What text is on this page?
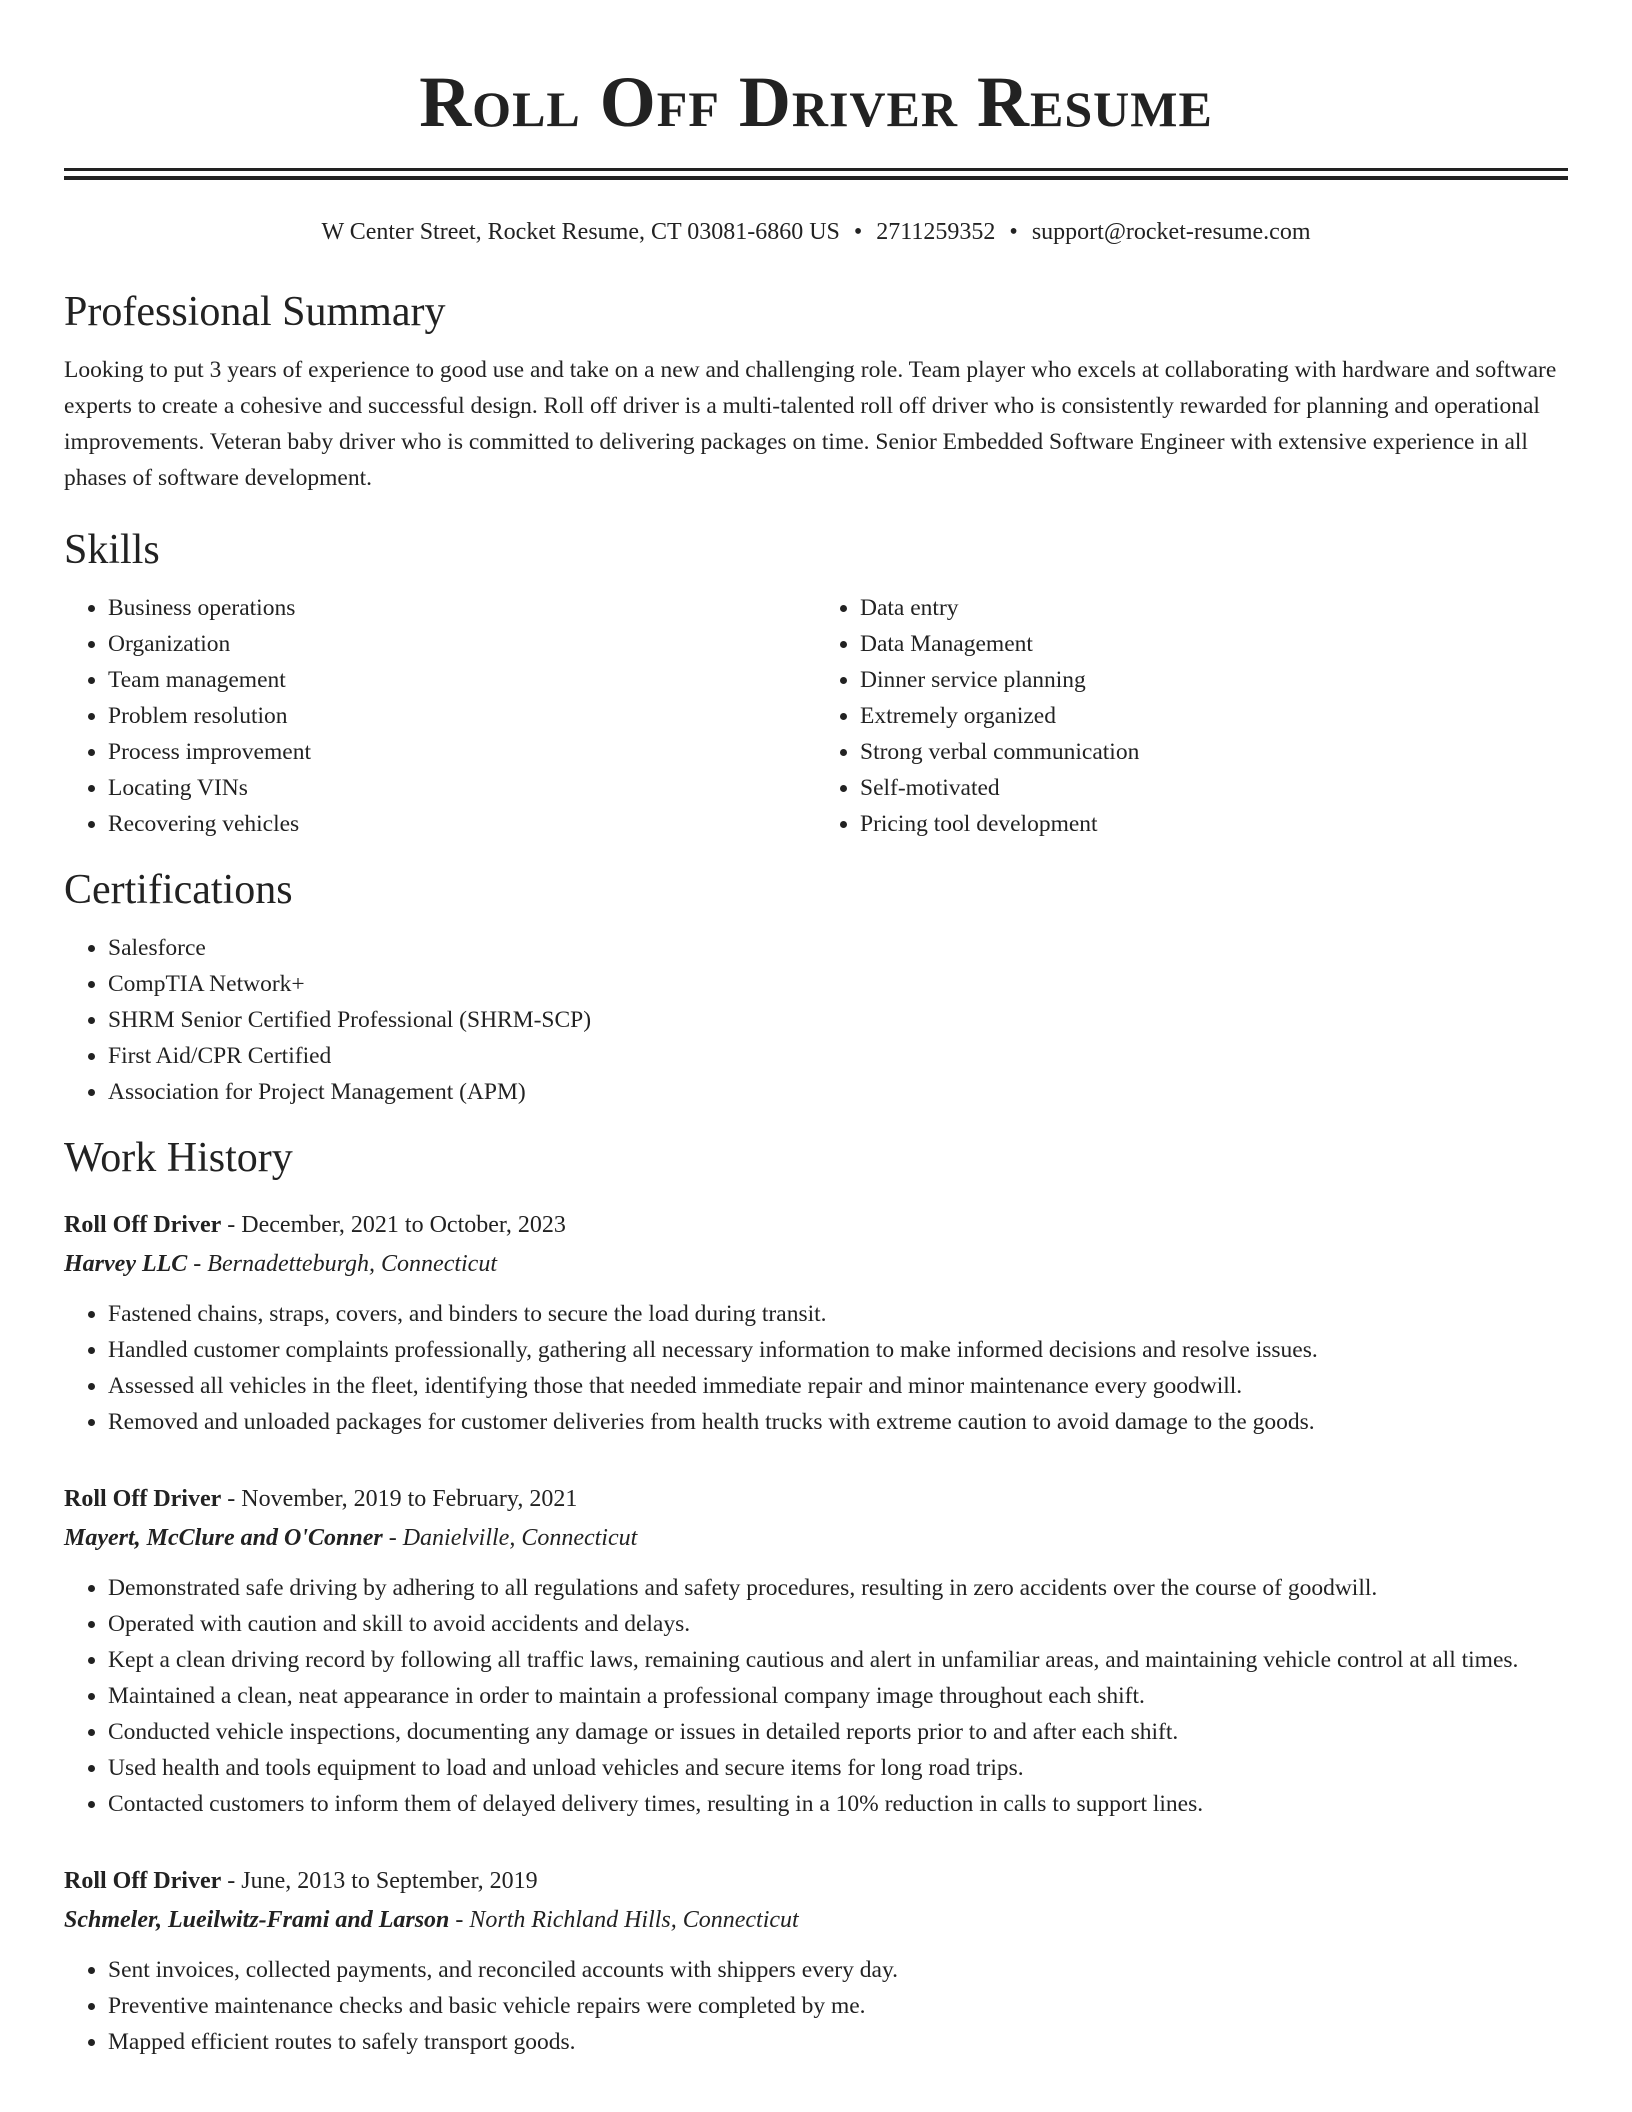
Roll Off Driver Resume
W Center Street, Rocket Resume, CT 03081-6860 US • 2711259352 • support@rocket-resume.com
Professional Summary

Looking to put 3 years of experience to good use and take on a new and challenging role. Team player who excels at collaborating with hardware and software experts to create a cohesive and successful design. Roll off driver is a multi-talented roll off driver who is consistently rewarded for planning and operational improvements. Veteran baby driver who is committed to delivering packages on time. Senior Embedded Software Engineer with extensive experience in all phases of software development.

Skills
• Business operations
• Organization
• Team management
• Problem resolution
• Process improvement
• Locating VINs
• Recovering vehicles
• Data entry
• Data Management
• Dinner service planning
• Extremely organized
• Strong verbal communication
• Self-motivated
• Pricing tool development
Certifications
• Salesforce
• CompTIA Network+
• SHRM Senior Certified Professional (SHRM-SCP)
• First Aid/CPR Certified
• Association for Project Management (APM)
Work History
Roll Off Driver - December, 2021 to October, 2023
Harvey LLC - Bernadetteburgh, Connecticut
• Fastened chains, straps, covers, and binders to secure the load during transit.
• Handled customer complaints professionally, gathering all necessary information to make informed decisions and resolve issues.
• Assessed all vehicles in the fleet, identifying those that needed immediate repair and minor maintenance every goodwill.
• Removed and unloaded packages for customer deliveries from health trucks with extreme caution to avoid damage to the goods.
Roll Off Driver - November, 2019 to February, 2021
Mayert, McClure and O'Conner - Danielville, Connecticut
• Demonstrated safe driving by adhering to all regulations and safety procedures, resulting in zero accidents over the course of goodwill.
• Operated with caution and skill to avoid accidents and delays.
• Kept a clean driving record by following all traffic laws, remaining cautious and alert in unfamiliar areas, and maintaining vehicle control at all times.
• Maintained a clean, neat appearance in order to maintain a professional company image throughout each shift.
• Conducted vehicle inspections, documenting any damage or issues in detailed reports prior to and after each shift.
• Used health and tools equipment to load and unload vehicles and secure items for long road trips.
• Contacted customers to inform them of delayed delivery times, resulting in a 10% reduction in calls to support lines.
Roll Off Driver - June, 2013 to September, 2019
Schmeler, Lueilwitz-Frami and Larson - North Richland Hills, Connecticut
• Sent invoices, collected payments, and reconciled accounts with shippers every day.
• Preventive maintenance checks and basic vehicle repairs were completed by me.
• Mapped efficient routes to safely transport goods.
